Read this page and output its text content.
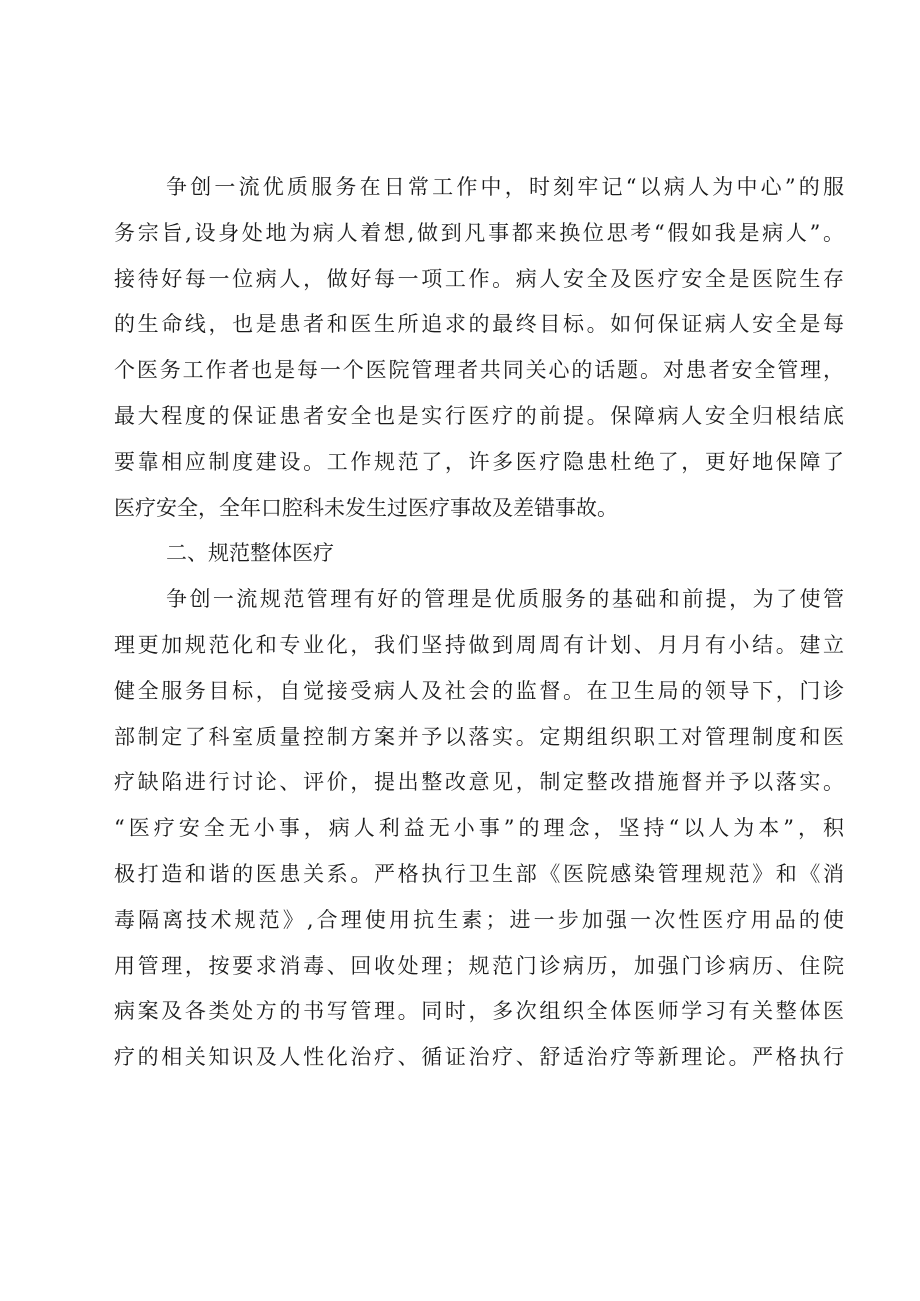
争创一流优质服务在日常工作中，时刻牢记“以病人为中心”的服
务宗旨,设身处地为病人着想,做到凡事都来换位思考“假如我是病人”。
接待好每一位病人，做好每一项工作。病人安全及医疗安全是医院生存
的生命线，也是患者和医生所追求的最终目标。如何保证病人安全是每
个医务工作者也是每一个医院管理者共同关心的话题。对患者安全管理，
最大程度的保证患者安全也是实行医疗的前提。保障病人安全归根结底
要靠相应制度建设。工作规范了，许多医疗隐患杜绝了，更好地保障了
医疗安全，全年口腔科未发生过医疗事故及差错事故。
二、规范整体医疗
争创一流规范管理有好的管理是优质服务的基础和前提，为了使管
理更加规范化和专业化，我们坚持做到周周有计划、月月有小结。建立
健全服务目标，自觉接受病人及社会的监督。在卫生局的领导下，门诊
部制定了科室质量控制方案并予以落实。定期组织职工对管理制度和医
疗缺陷进行讨论、评价，提出整改意见，制定整改措施督并予以落实。
“医疗安全无小事，病人利益无小事”的理念，坚持“以人为本”，积
极打造和谐的医患关系。严格执行卫生部《医院感染管理规范》和《消
毒隔离技术规范》,合理使用抗生素；进一步加强一次性医疗用品的使
用管理，按要求消毒、回收处理；规范门诊病历，加强门诊病历、住院
病案及各类处方的书写管理。同时，多次组织全体医师学习有关整体医
疗的相关知识及人性化治疗、循证治疗、舒适治疗等新理论。严格执行
